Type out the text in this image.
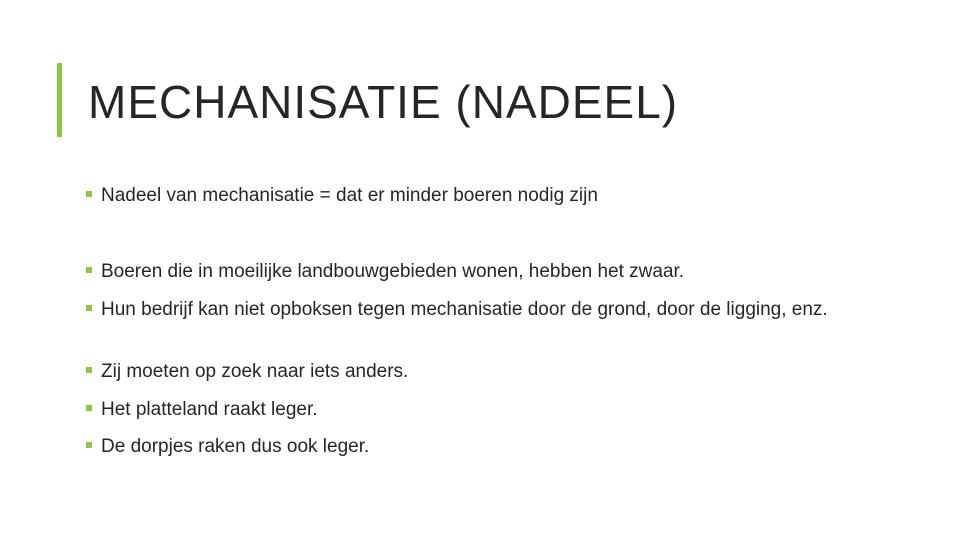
MECHANISATIE (NADEEL)
Nadeel van mechanisatie = dat er minder boeren nodig zijn
Boeren die in moeilijke landbouwgebieden wonen, hebben het zwaar.
Hun bedrijf kan niet opboksen tegen mechanisatie door de grond, door de ligging, enz.
Zij moeten op zoek naar iets anders.
Het platteland raakt leger.
De dorpjes raken dus ook leger.
